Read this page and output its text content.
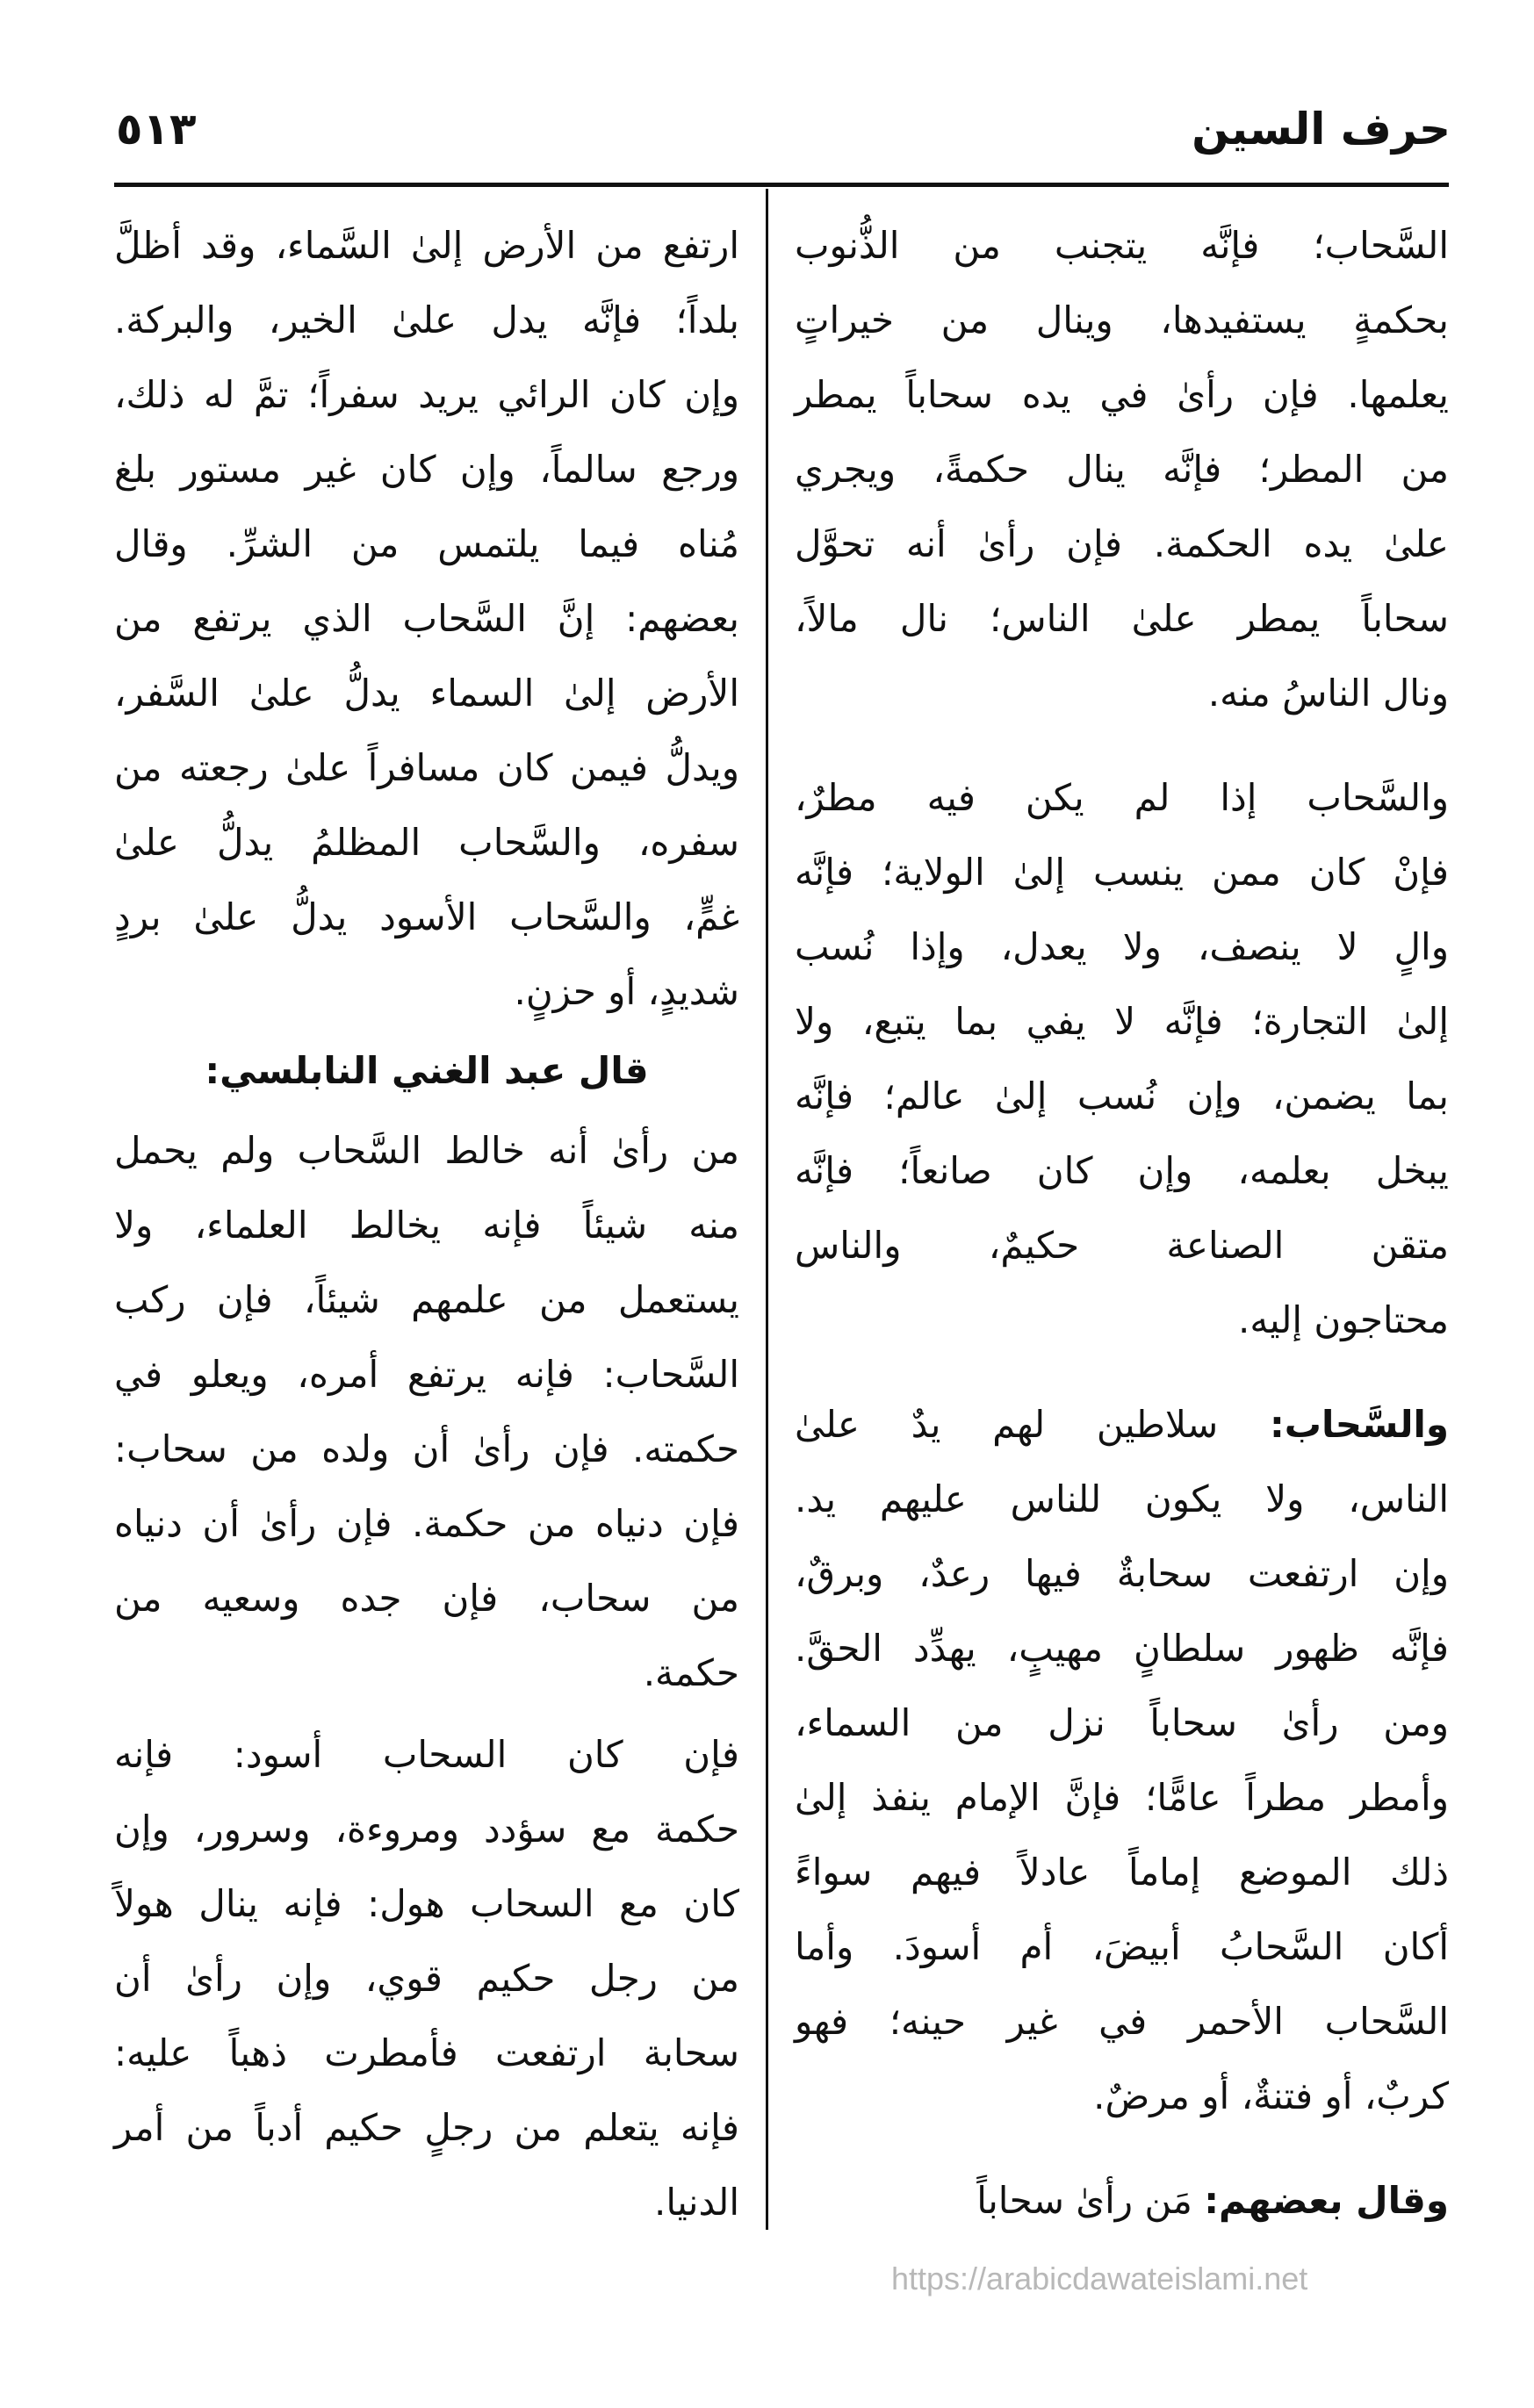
حرف السين
٥١٣
السَّحاب؛ فإنَّه يتجنب من الذُّنوب
بحكمةٍ يستفيدها، وينال من خيراتٍ
يعلمها. فإن رأىٰ في يده سحاباً يمطر
من المطر؛ فإنَّه ينال حكمةً، ويجري
علىٰ يده الحكمة. فإن رأىٰ أنه تحوَّل
سحاباً يمطر علىٰ الناس؛ نال مالاً،
ونال الناسُ منه.
والسَّحاب إذا لم يكن فيه مطرٌ،
فإنْ كان ممن ينسب إلىٰ الولاية؛ فإنَّه
والٍ لا ينصف، ولا يعدل، وإذا نُسب
إلىٰ التجارة؛ فإنَّه لا يفي بما يتبع، ولا
بما يضمن، وإن نُسب إلىٰ عالم؛ فإنَّه
يبخل بعلمه، وإن كان صانعاً؛ فإنَّه
متقن الصناعة حكيمٌ، والناس
محتاجون إليه.
والسَّحاب: سلاطين لهم يدٌ علىٰ
الناس، ولا يكون للناس عليهم يد.
وإن ارتفعت سحابةٌ فيها رعدٌ، وبرقٌ،
فإنَّه ظهور سلطانٍ مهيبٍ، يهدِّد الحقَّ.
ومن رأىٰ سحاباً نزل من السماء،
وأمطر مطراً عامًّا؛ فإنَّ الإمام ينفذ إلىٰ
ذلك الموضع إماماً عادلاً فيهم سواءً
أكان السَّحابُ أبيضَ، أم أسودَ. وأما
السَّحاب الأحمر في غير حينه؛ فهو
كربٌ، أو فتنةٌ، أو مرضٌ.
وقال بعضهم: مَن رأىٰ سحاباً
ارتفع من الأرض إلىٰ السَّماء، وقد أظلَّ
بلداً؛ فإنَّه يدل علىٰ الخير، والبركة.
وإن كان الرائي يريد سفراً؛ تمَّ له ذلك،
ورجع سالماً، وإن كان غير مستور بلغ
مُناه فيما يلتمس من الشرِّ. وقال
بعضهم: إنَّ السَّحاب الذي يرتفع من
الأرض إلىٰ السماء يدلُّ علىٰ السَّفر،
ويدلُّ فيمن كان مسافراً علىٰ رجعته من
سفره، والسَّحاب المظلمُ يدلُّ علىٰ
غمٍّ، والسَّحاب الأسود يدلُّ علىٰ بردٍ
شديدٍ، أو حزنٍ.
قال عبد الغني النابلسي:
من رأىٰ أنه خالط السَّحاب ولم يحمل
منه شيئاً فإنه يخالط العلماء، ولا
يستعمل من علمهم شيئاً، فإن ركب
السَّحاب: فإنه يرتفع أمره، ويعلو في
حكمته. فإن رأىٰ أن ولده من سحاب:
فإن دنياه من حكمة. فإن رأىٰ أن دنياه
من سحاب، فإن جده وسعيه من
حكمة.
فإن كان السحاب أسود: فإنه
حكمة مع سؤدد ومروءة، وسرور، وإن
كان مع السحاب هول: فإنه ينال هولاً
من رجل حكيم قوي، وإن رأىٰ أن
سحابة ارتفعت فأمطرت ذهباً عليه:
فإنه يتعلم من رجلٍ حكيم أدباً من أمر
الدنيا.
https://arabicdawateislami.net
